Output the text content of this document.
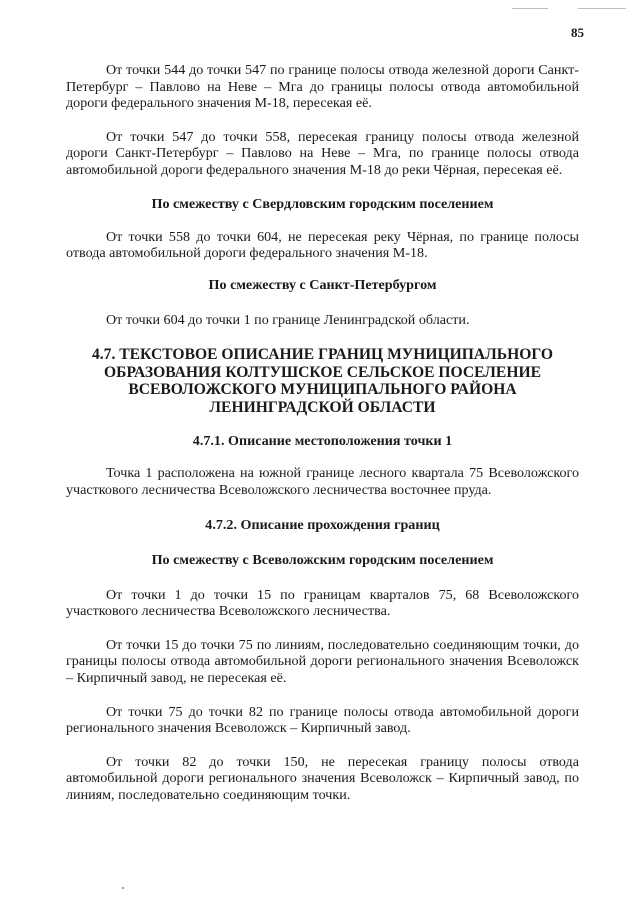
85

От точки 544 до точки 547 по границе полосы отвода железной дороги Санкт-Петербург – Павлово на Неве – Мга до границы полосы отвода автомобильной дороги федерального значения М-18, пересекая её.

От точки 547 до точки 558, пересекая границу полосы отвода железной дороги Санкт-Петербург – Павлово на Неве – Мга, по границе полосы отвода автомобильной дороги федерального значения М-18 до реки Чёрная, пересекая её.

По смежеству с Свердловским городским поселением

От точки 558 до точки 604, не пересекая реку Чёрная, по границе полосы отвода автомобильной дороги федерального значения М-18.

По смежеству с Санкт-Петербургом

От точки 604 до точки 1 по границе Ленинградской области.

4.7. ТЕКСТОВОЕ ОПИСАНИЕ ГРАНИЦ МУНИЦИПАЛЬНОГО ОБРАЗОВАНИЯ КОЛТУШСКОЕ СЕЛЬСКОЕ ПОСЕЛЕНИЕ ВСЕВОЛОЖСКОГО МУНИЦИПАЛЬНОГО РАЙОНА ЛЕНИНГРАДСКОЙ ОБЛАСТИ

4.7.1. Описание местоположения точки 1

Точка 1 расположена на южной границе лесного квартала 75 Всеволожского участкового лесничества Всеволожского лесничества восточнее пруда.

4.7.2. Описание прохождения границ

По смежеству с Всеволожским городским поселением

От точки 1 до точки 15 по границам кварталов 75, 68 Всеволожского участкового лесничества Всеволожского лесничества.

От точки 15 до точки 75 по линиям, последовательно соединяющим точки, до границы полосы отвода автомобильной дороги регионального значения Всеволожск – Кирпичный завод, не пересекая её.

От точки 75 до точки 82 по границе полосы отвода автомобильной дороги регионального значения Всеволожск – Кирпичный завод.

От точки 82 до точки 150, не пересекая границу полосы отвода автомобильной дороги регионального значения Всеволожск – Кирпичный завод, по линиям, последовательно соединяющим точки.
